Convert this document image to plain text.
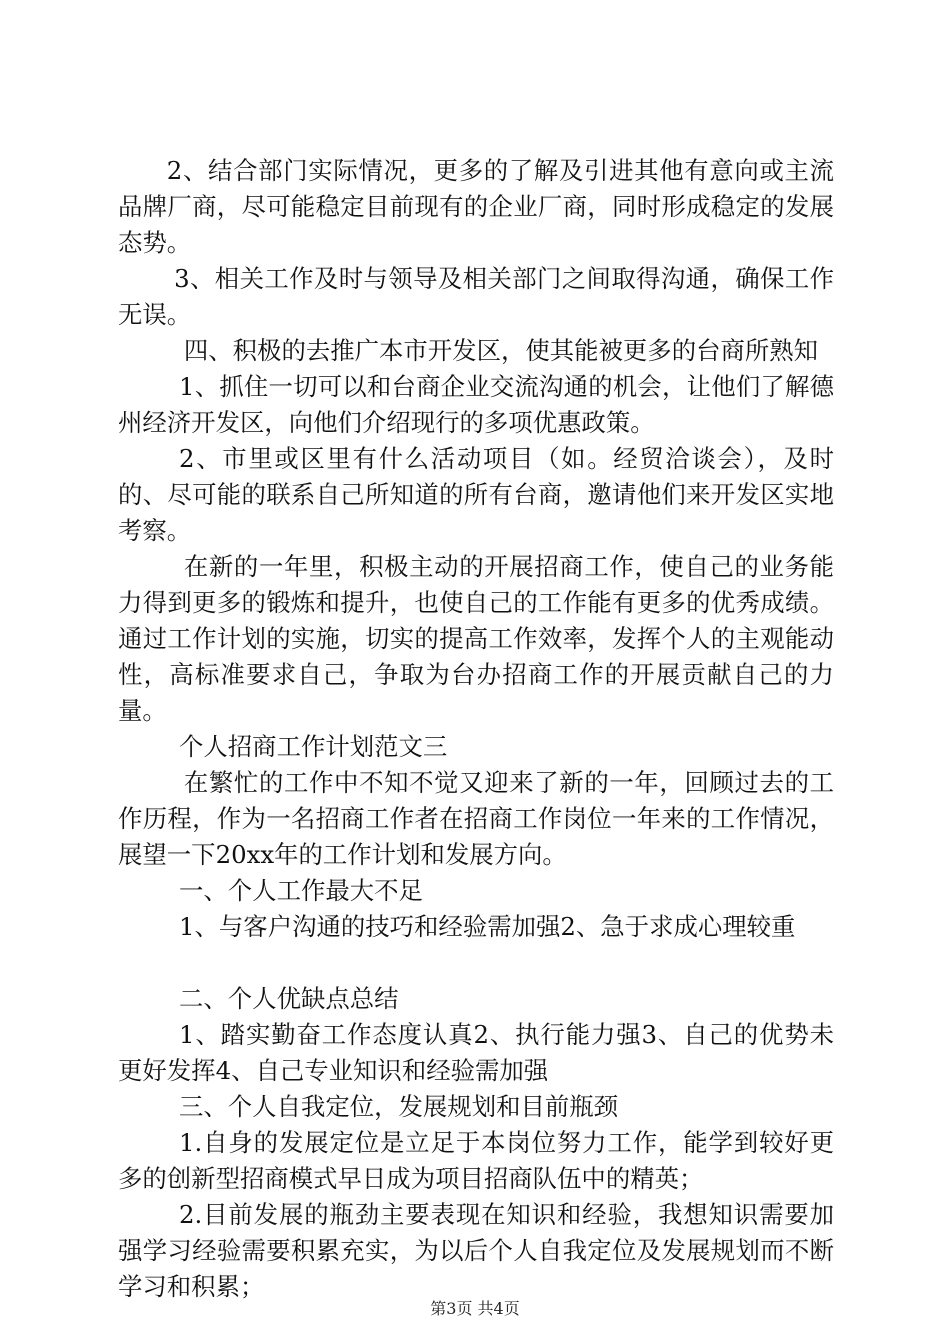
2、结合部门实际情况，更多的了解及引进其他有意向或主流品牌厂商，尽可能稳定目前现有的企业厂商，同时形成稳定的发展态势。

3、相关工作及时与领导及相关部门之间取得沟通，确保工作无误。

四、积极的去推广本市开发区，使其能被更多的台商所熟知

1、抓住一切可以和台商企业交流沟通的机会，让他们了解德州经济开发区，向他们介绍现行的多项优惠政策。

2、市里或区里有什么活动项目（如。经贸洽谈会），及时的、尽可能的联系自己所知道的所有台商，邀请他们来开发区实地考察。

在新的一年里，积极主动的开展招商工作，使自己的业务能力得到更多的锻炼和提升，也使自己的工作能有更多的优秀成绩。通过工作计划的实施，切实的提高工作效率，发挥个人的主观能动性，高标准要求自己，争取为台办招商工作的开展贡献自己的力量。

个人招商工作计划范文三

在繁忙的工作中不知不觉又迎来了新的一年，回顾过去的工作历程，作为一名招商工作者在招商工作岗位一年来的工作情况，展望一下20xx年的工作计划和发展方向。

一、个人工作最大不足

1、与客户沟通的技巧和经验需加强2、急于求成心理较重

二、个人优缺点总结

1、踏实勤奋工作态度认真2、执行能力强3、自己的优势未更好发挥4、自己专业知识和经验需加强

三、个人自我定位，发展规划和目前瓶颈

1.自身的发展定位是立足于本岗位努力工作，能学到较好更多的创新型招商模式早日成为项目招商队伍中的精英；

2.目前发展的瓶劲主要表现在知识和经验，我想知识需要加强学习经验需要积累充实，为以后个人自我定位及发展规划而不断学习和积累；

第3页 共4页
